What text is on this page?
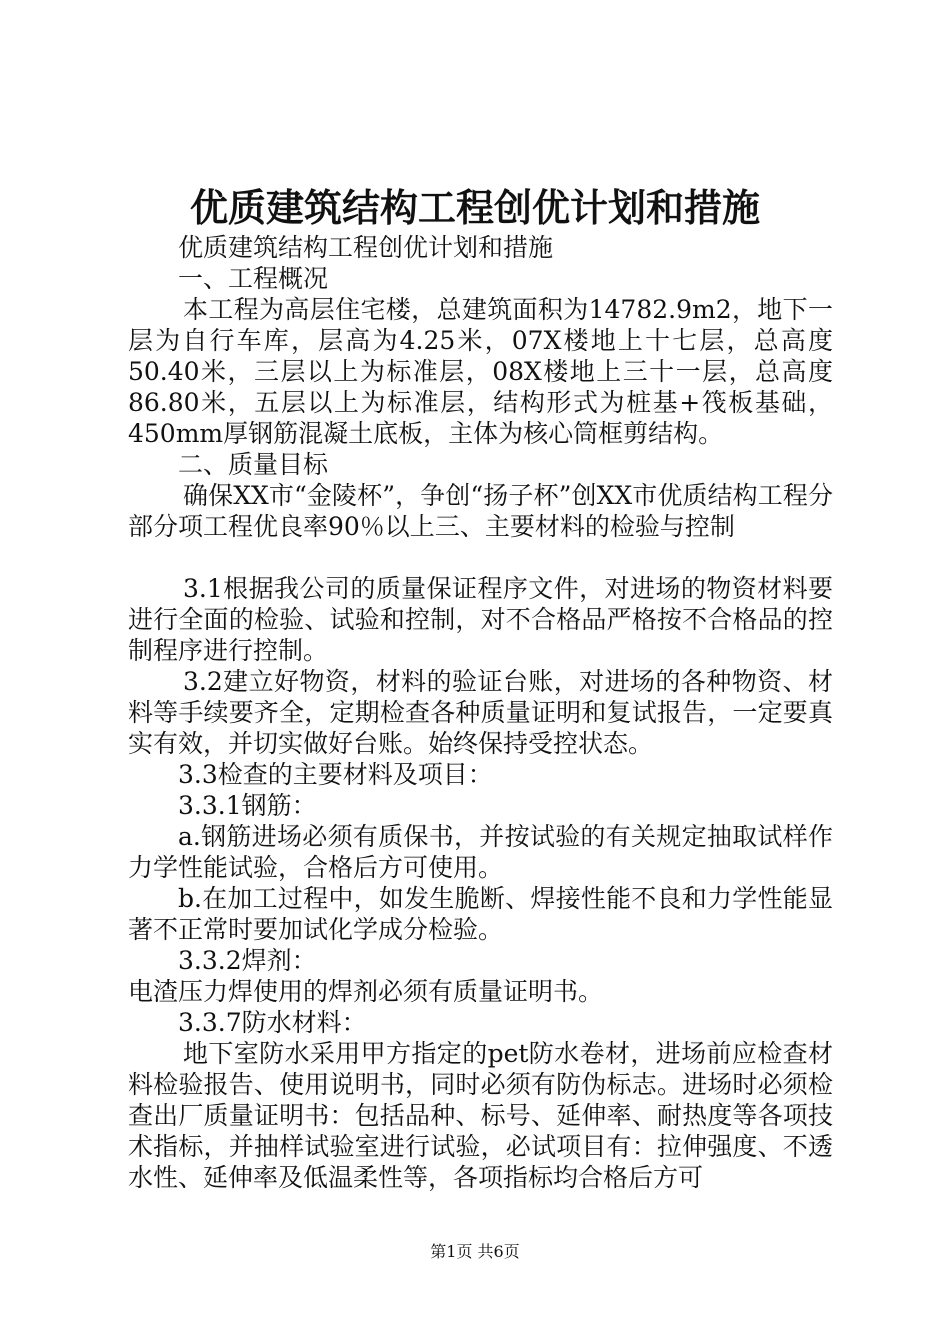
优质建筑结构工程创优计划和措施

优质建筑结构工程创优计划和措施

一、工程概况

本工程为高层住宅楼，总建筑面积为14782.9m2，地下一层为自行车库，层高为4.25米，07X楼地上十七层，总高度50.40米，三层以上为标准层，08X楼地上三十一层，总高度86.80米，五层以上为标准层，结构形式为桩基+筏板基础，450mm厚钢筋混凝土底板，主体为核心筒框剪结构。

二、质量目标

确保XX市“金陵杯”，争创“扬子杯”创XX市优质结构工程分部分项工程优良率90％以上三、主要材料的检验与控制

3.1根据我公司的质量保证程序文件，对进场的物资材料要进行全面的检验、试验和控制，对不合格品严格按不合格品的控制程序进行控制。

3.2建立好物资，材料的验证台账，对进场的各种物资、材料等手续要齐全，定期检查各种质量证明和复试报告，一定要真实有效，并切实做好台账。始终保持受控状态。

3.3检查的主要材料及项目：

3.3.1钢筋：

a.钢筋进场必须有质保书，并按试验的有关规定抽取试样作力学性能试验，合格后方可使用。

b.在加工过程中，如发生脆断、焊接性能不良和力学性能显著不正常时要加试化学成分检验。

3.3.2焊剂：

电渣压力焊使用的焊剂必须有质量证明书。

3.3.7防水材料：

地下室防水采用甲方指定的pet防水卷材，进场前应检查材料检验报告、使用说明书，同时必须有防伪标志。进场时必须检查出厂质量证明书：包括品种、标号、延伸率、耐热度等各项技术指标，并抽样试验室进行试验，必试项目有：拉伸强度、不透水性、延伸率及低温柔性等，各项指标均合格后方可

第1页 共6页
